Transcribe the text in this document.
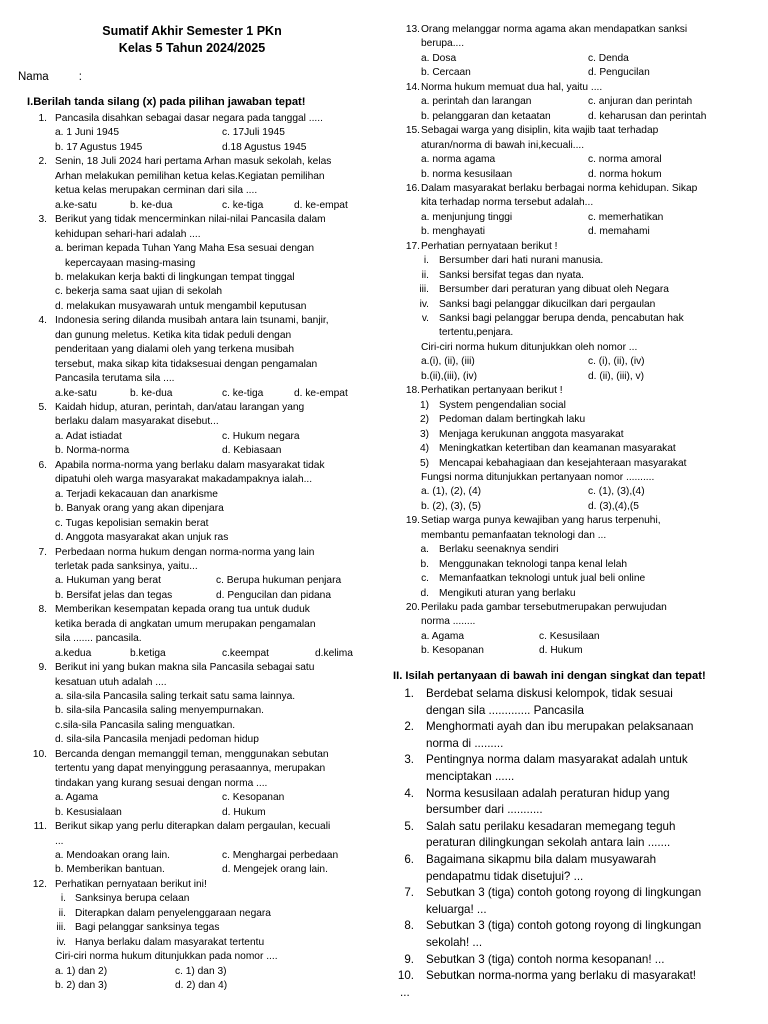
Sumatif Akhir Semester 1 PKn
Kelas 5 Tahun 2024/2025
Nama	:
I.Berilah tanda silang (x) pada pilihan jawaban tepat!
1. Pancasila disahkan sebagai dasar negara pada tanggal .....
a. 1 Juni 1945	c. 17Juli 1945
b. 17 Agustus 1945	d.18 Agustus 1945
2. Senin, 18 Juli 2024 hari pertama Arhan masuk sekolah, kelas
Arhan melakukan pemilihan ketua kelas.Kegiatan pemilihan
ketua kelas merupakan cerminan dari sila ....
a.ke-satu	b. ke-dua	c. ke-tiga	d. ke-empat
3. Berikut yang tidak mencerminkan nilai-nilai Pancasila dalam
kehidupan sehari-hari adalah ....
a. beriman kepada Tuhan Yang Maha Esa sesuai dengan
kepercayaan masing-masing
b. melakukan kerja bakti di lingkungan tempat tinggal
c. bekerja sama saat ujian di sekolah
d. melakukan musyawarah untuk mengambil keputusan
4. Indonesia sering dilanda musibah antara lain tsunami, banjir,
dan gunung meletus. Ketika kita tidak peduli dengan
penderitaan yang dialami oleh yang terkena musibah
tersebut, maka sikap kita tidaksesuai dengan pengamalan
Pancasila terutama sila ....
a.ke-satu	b. ke-dua	c. ke-tiga	d. ke-empat
5. Kaidah hidup, aturan, perintah, dan/atau larangan yang
berlaku dalam masyarakat disebut...
a. Adat istiadat	c. Hukum negara
b. Norma-norma	d. Kebiasaan
6. Apabila norma-norma yang berlaku dalam masyarakat tidak
dipatuhi oleh warga masyarakat makadampaknya ialah...
a. Terjadi kekacauan dan anarkisme
b. Banyak orang yang akan dipenjara
c. Tugas kepolisian semakin berat
d. Anggota masyarakat akan unjuk ras
7. Perbedaan norma hukum dengan norma-norma yang lain
terletak pada sanksinya, yaitu...
a. Hukuman yang berat	c. Berupa hukuman penjara
b. Bersifat jelas dan tegas	d. Pengucilan dan pidana
8. Memberikan kesempatan kepada orang tua untuk duduk
ketika berada di angkatan umum merupakan pengamalan
sila ....... pancasila.
a.kedua	b.ketiga	c.keempat	d.kelima
9. Berikut ini yang bukan makna sila Pancasila sebagai satu
kesatuan utuh adalah ....
a. sila-sila Pancasila saling terkait satu sama lainnya.
b. sila-sila Pancasila saling menyempurnakan.
c.sila-sila Pancasila saling menguatkan.
d. sila-sila Pancasila menjadi pedoman hidup
10. Bercanda dengan memanggil teman, menggunakan sebutan
tertentu yang dapat menyinggung perasaannya, merupakan
tindakan yang kurang sesuai dengan norma ....
a. Agama	c. Kesopanan
b. Kesusialaan	d. Hukum
11. Berikut sikap yang perlu diterapkan dalam pergaulan, kecuali
...
a. Mendoakan orang lain.	c. Menghargai perbedaan
b. Memberikan bantuan.	d. Mengejek orang lain.
12. Perhatikan pernyataan berikut ini!
i. Sanksinya berupa celaan
ii. Diterapkan dalam penyelenggaraan negara
iii. Bagi pelanggar sanksinya tegas
iv. Hanya berlaku dalam masyarakat tertentu
Ciri-ciri norma hukum ditunjukkan pada nomor ....
a. 1) dan 2)	c. 1) dan 3)
b. 2) dan 3)	d. 2) dan 4)
13. Orang melanggar norma agama akan mendapatkan sanksi
berupa....
a. Dosa	c. Denda
b. Cercaan	d. Pengucilan
14. Norma hukum memuat dua hal, yaitu ....
a. perintah dan larangan	c. anjuran dan perintah
b. pelanggaran dan ketaatan	d. keharusan dan perintah
15. Sebagai warga yang disiplin, kita wajib taat terhadap
aturan/norma di bawah ini,kecuali....
a. norma agama	c. norma amoral
b. norma kesusilaan	d. norma hokum
16. Dalam masyarakat berlaku berbagai norma kehidupan. Sikap
kita terhadap norma tersebut adalah...
a. menjunjung tinggi	c. memerhatikan
b. menghayati	d. memahami
17. Perhatian pernyataan berikut !
i. Bersumber dari hati nurani manusia.
ii. Sanksi bersifat tegas dan nyata.
iii. Bersumber dari peraturan yang dibuat oleh Negara
iv. Sanksi bagi pelanggar dikucilkan dari pergaulan
v. Sanksi bagi pelanggar berupa denda, pencabutan hak
tertentu,penjara.
Ciri-ciri norma hukum ditunjukkan oleh nomor ...
a.(i), (ii), (iii)	c. (i), (ii), (iv)
b.(ii),(iii), (iv)	d. (ii), (iii), v)
18. Perhatikan pertanyaan berikut !
1) System pengendalian social
2) Pedoman dalam bertingkah laku
3) Menjaga kerukunan anggota masyarakat
4) Meningkatkan ketertiban dan keamanan masyarakat
5) Mencapai kebahagiaan dan kesejahteraan masyarakat
Fungsi norma ditunjukkan pertanyaan nomor ..........
a. (1), (2), (4)	c. (1), (3),(4)
b. (2), (3), (5)	d. (3),(4),(5
19. Setiap warga punya kewajiban yang harus terpenuhi,
membantu pemanfaatan teknologi dan ...
a. Berlaku seenaknya sendiri
b. Menggunakan teknologi tanpa kenal lelah
c. Memanfaatkan teknologi untuk jual beli online
d. Mengikuti aturan yang berlaku
20. Perilaku pada gambar tersebutmerupakan perwujudan
norma ........
a. Agama	c. Kesusilaan
b. Kesopanan	d. Hukum
II. Isilah pertanyaan di bawah ini dengan singkat dan tepat!
1. Berdebat selama diskusi kelompok, tidak sesuai
dengan sila ............. Pancasila
2. Menghormati ayah dan ibu merupakan pelaksanaan
norma di .........
3. Pentingnya norma dalam masyarakat adalah untuk
menciptakan ......
4. Norma kesusilaan adalah peraturan hidup yang
bersumber dari ...........
5. Salah satu perilaku kesadaran memegang teguh
peraturan dilingkungan sekolah antara lain .......
6. Bagaimana sikapmu bila dalam musyawarah
pendapatmu tidak disetujui? ...
7. Sebutkan 3 (tiga) contoh gotong royong di lingkungan
keluarga! ...
8. Sebutkan 3 (tiga) contoh gotong royong di lingkungan
sekolah! ...
9. Sebutkan 3 (tiga) contoh norma kesopanan! ...
10. Sebutkan norma-norma yang berlaku di masyarakat!
...
